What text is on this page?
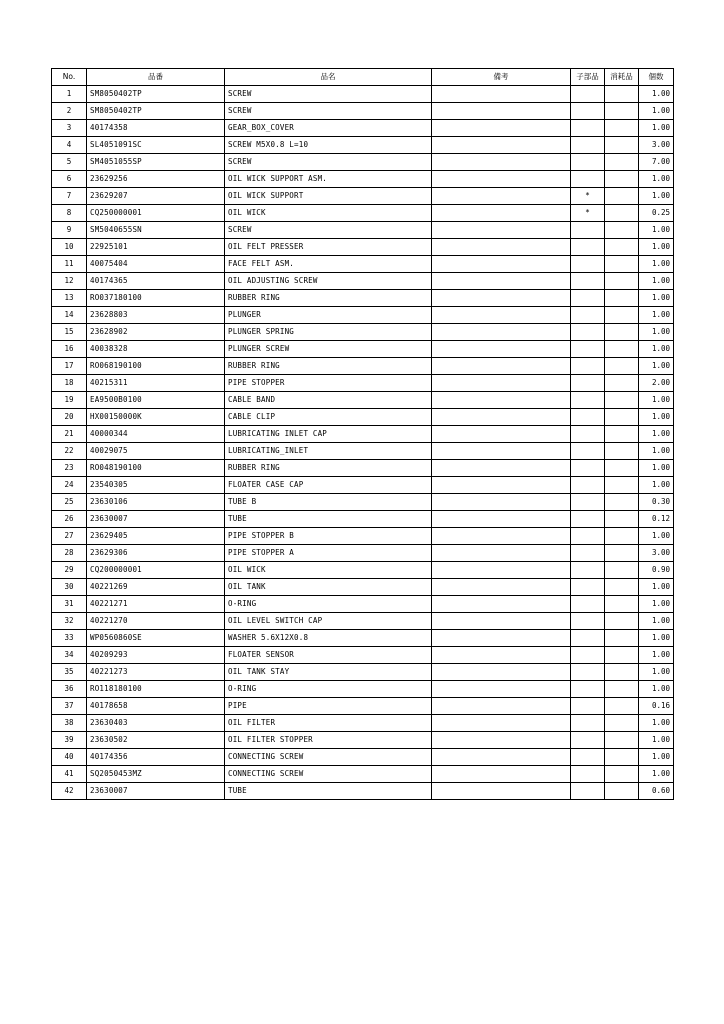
No.	品番	品名	備考	子部品	消耗品	個数
1	SM8050402TP	SCREW				1.00
2	SM8050402TP	SCREW				1.00
3	40174358	GEAR_BOX_COVER				1.00
4	SL4051091SC	SCREW M5X0.8 L=10				3.00
5	SM4051055SP	SCREW				7.00
6	23629256	OIL WICK SUPPORT ASM.				1.00
7	23629207	OIL WICK SUPPORT		*		1.00
8	CQ250000001	OIL WICK		*		0.25
9	SM5040655SN	SCREW				1.00
10	22925101	OIL FELT PRESSER				1.00
11	40075404	FACE FELT ASM.				1.00
12	40174365	OIL ADJUSTING SCREW				1.00
13	RO037180100	RUBBER RING				1.00
14	23628803	PLUNGER				1.00
15	23628902	PLUNGER SPRING				1.00
16	40038328	PLUNGER SCREW				1.00
17	RO068190100	RUBBER RING				1.00
18	40215311	PIPE STOPPER				2.00
19	EA9500B0100	CABLE BAND				1.00
20	HX00150000K	CABLE CLIP				1.00
21	40000344	LUBRICATING INLET CAP				1.00
22	40029075	LUBRICATING_INLET				1.00
23	RO048190100	RUBBER RING				1.00
24	23540305	FLOATER CASE CAP				1.00
25	23630106	TUBE B				0.30
26	23630007	TUBE				0.12
27	23629405	PIPE STOPPER B				1.00
28	23629306	PIPE STOPPER A				3.00
29	CQ200000001	OIL WICK				0.90
30	40221269	OIL TANK				1.00
31	40221271	O-RING				1.00
32	40221270	OIL LEVEL SWITCH CAP				1.00
33	WP0560860SE	WASHER 5.6X12X0.8				1.00
34	40209293	FLOATER SENSOR				1.00
35	40221273	OIL TANK STAY				1.00
36	RO118180100	O-RING				1.00
37	40178658	PIPE				0.16
38	23630403	OIL FILTER				1.00
39	23630502	OIL FILTER STOPPER				1.00
40	40174356	CONNECTING SCREW				1.00
41	SQ2050453MZ	CONNECTING SCREW				1.00
42	23630007	TUBE				0.60
